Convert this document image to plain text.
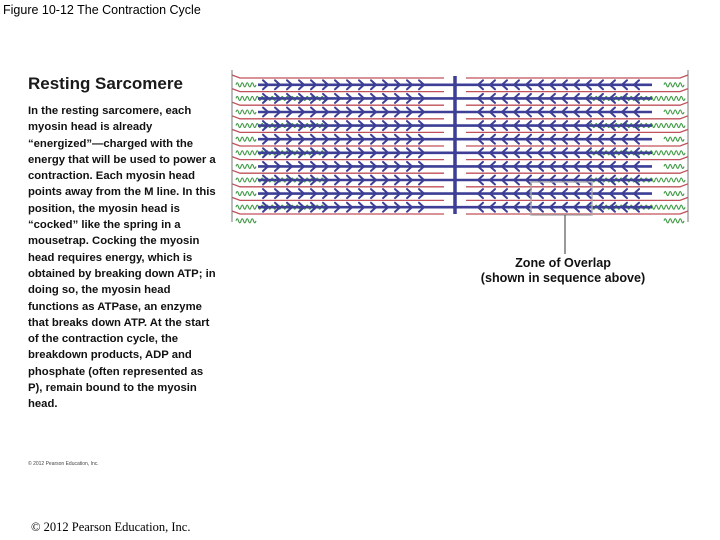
Figure 10-12 The Contraction Cycle
Resting Sarcomere
In the resting sarcomere, each myosin head is already “energized”—charged with the energy that will be used to power a contraction. Each myosin head points away from the M line. In this position, the myosin head is “cocked” like the spring in a mousetrap. Cocking the myosin head requires energy, which is obtained by breaking down ATP; in doing so, the myosin head functions as ATPase, an enzyme that breaks down ATP. At the start of the contraction cycle, the breakdown products, ADP and phosphate (often represented as P), remain bound to the myosin head.
© 2012 Pearson Education, Inc.
Zone of Overlap
(shown in sequence above)
© 2012 Pearson Education, Inc.
